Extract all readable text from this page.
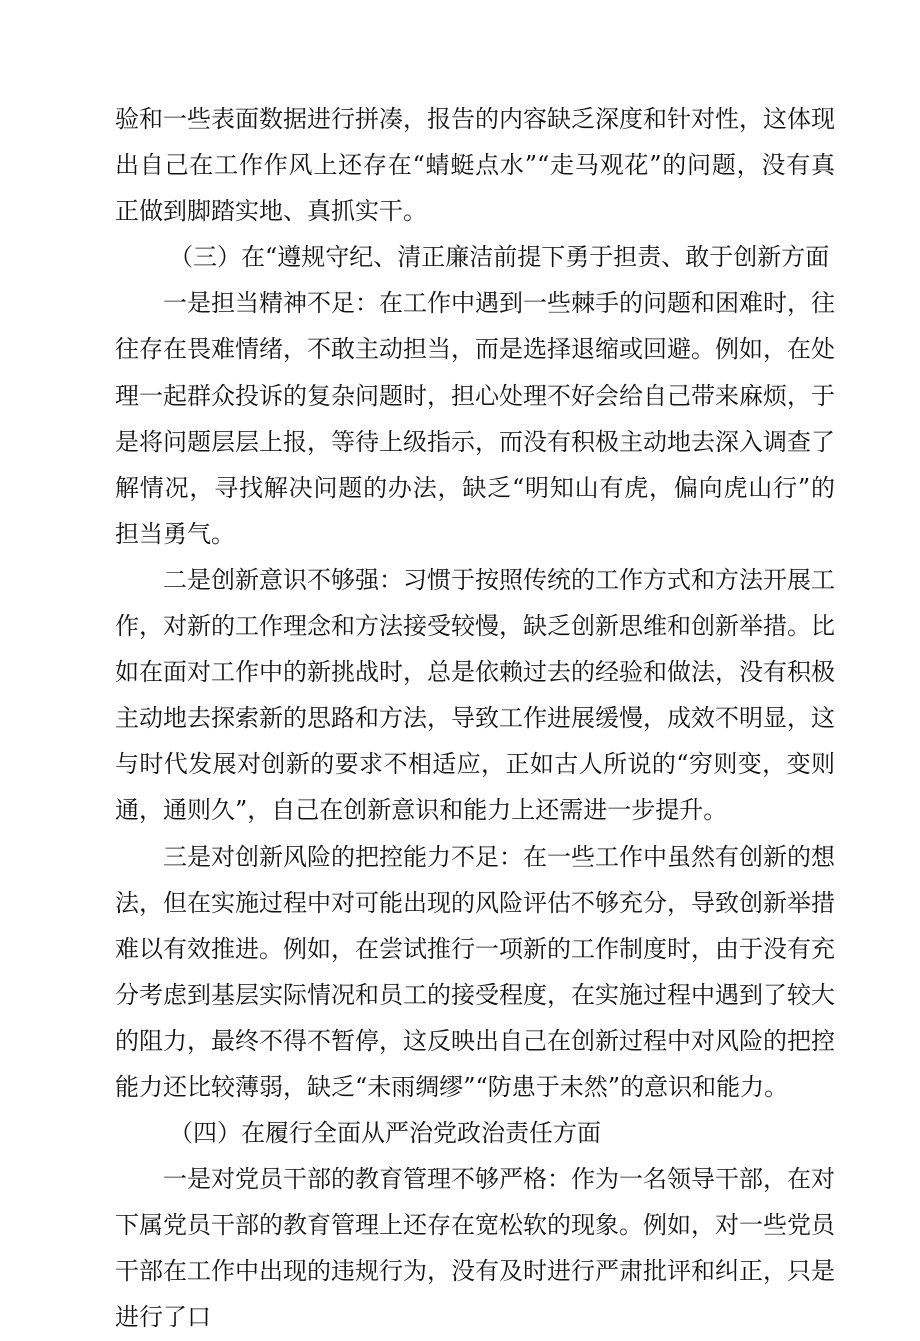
验和一些表面数据进行拼凑，报告的内容缺乏深度和针对性，这体现出自己在工作作风上还存在“蜻蜓点水”“走马观花”的问题，没有真正做到脚踏实地、真抓实干。

（三）在“遵规守纪、清正廉洁前提下勇于担责、敢于创新方面

一是担当精神不足：在工作中遇到一些棘手的问题和困难时，往往存在畏难情绪，不敢主动担当，而是选择退缩或回避。例如，在处理一起群众投诉的复杂问题时，担心处理不好会给自己带来麻烦，于是将问题层层上报，等待上级指示，而没有积极主动地去深入调查了解情况，寻找解决问题的办法，缺乏“明知山有虎，偏向虎山行”的担当勇气。

二是创新意识不够强：习惯于按照传统的工作方式和方法开展工作，对新的工作理念和方法接受较慢，缺乏创新思维和创新举措。比如在面对工作中的新挑战时，总是依赖过去的经验和做法，没有积极主动地去探索新的思路和方法，导致工作进展缓慢，成效不明显，这与时代发展对创新的要求不相适应，正如古人所说的“穷则变，变则通，通则久”，自己在创新意识和能力上还需进一步提升。

三是对创新风险的把控能力不足：在一些工作中虽然有创新的想法，但在实施过程中对可能出现的风险评估不够充分，导致创新举措难以有效推进。例如，在尝试推行一项新的工作制度时，由于没有充分考虑到基层实际情况和员工的接受程度，在实施过程中遇到了较大的阻力，最终不得不暂停，这反映出自己在创新过程中对风险的把控能力还比较薄弱，缺乏“未雨绸缪”“防患于未然”的意识和能力。

（四）在履行全面从严治党政治责任方面

一是对党员干部的教育管理不够严格：作为一名领导干部，在对下属党员干部的教育管理上还存在宽松软的现象。例如，对一些党员干部在工作中出现的违规行为，没有及时进行严肃批评和纠正，只是进行了口
